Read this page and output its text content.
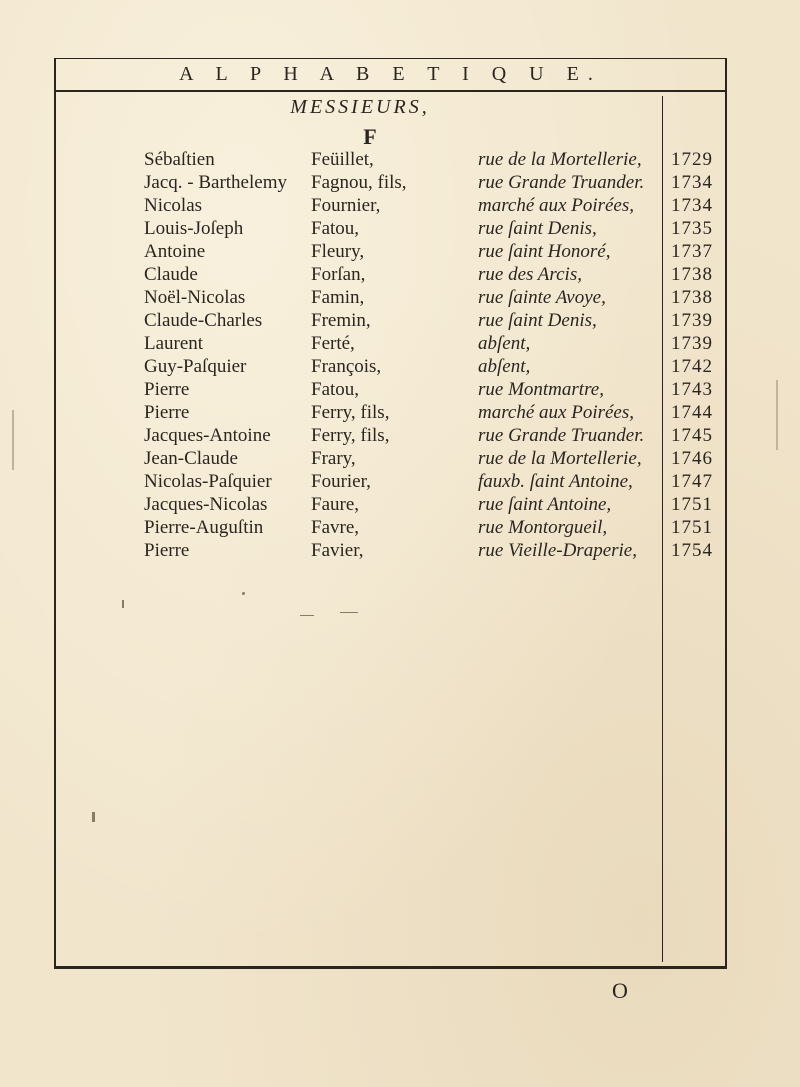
A L P H A B E T I Q U E.
MESSIEURS,
F
Sébaſtien	Feüillet,	rue de la Mortellerie, 1729
Jacq. - Barthelemy Fagnou, fils,	rue Grande Truander. 1734
Nicolas	Fournier,	marché aux Poirées, 1734
Louis-Joſeph	Fatou,	rue ſaint Denis,	1735
Antoine	Fleury,	rue ſaint Honoré,	1737
Claude	Forſan,	rue des Arcis,	1738
Noël-Nicolas	Famin,	rue ſainte Avoye,	1738
Claude-Charles	Fremin,	rue ſaint Denis,	1739
Laurent	Ferté,	abſent,	1739
Guy-Paſquier	François,	abſent,	1742
Pierre	Fatou,	rue Montmartre,	1743
Pierre	Ferry, fils,	marché aux Poirées, 1744
Jacques-Antoine Ferry, fils,	rue Grande Truander. 1745
Jean-Claude	Frary,	rue de la Mortellerie, 1746
Nicolas-Paſquier Fourier,	fauxb. ſaint Antoine, 1747
Jacques-Nicolas Faure,	rue ſaint Antoine,	1751
Pierre-Auguſtin	Favre,	rue Montorgueil,	1751
Pierre	Favier,	rue Vieille-Draperie, 1754
O
